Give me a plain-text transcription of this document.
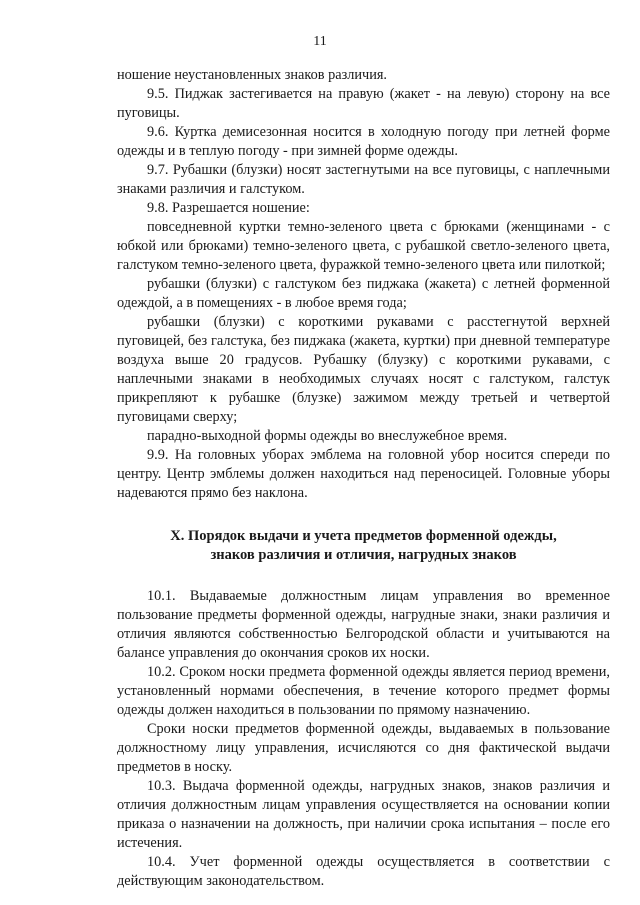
11

ношение неустановленных знаков различия.

9.5. Пиджак застегивается на правую (жакет - на левую) сторону на все пуговицы.

9.6. Куртка демисезонная носится в холодную погоду при летней форме одежды и в теплую погоду - при зимней форме одежды.

9.7. Рубашки (блузки) носят застегнутыми на все пуговицы, с наплечными знаками различия и галстуком.

9.8. Разрешается ношение:

повседневной куртки темно-зеленого цвета с брюками (женщинами - с юбкой или брюками) темно-зеленого цвета, с рубашкой светло-зеленого цвета, галстуком темно-зеленого цвета, фуражкой темно-зеленого цвета или пилоткой;

рубашки (блузки) с галстуком без пиджака (жакета) с летней форменной одеждой, а в помещениях - в любое время года;

рубашки (блузки) с короткими рукавами с расстегнутой верхней пуговицей, без галстука, без пиджака (жакета, куртки) при дневной температуре воздуха выше 20 градусов. Рубашку (блузку) с короткими рукавами, с наплечными знаками в необходимых случаях носят с галстуком, галстук прикрепляют к рубашке (блузке) зажимом между третьей и четвертой пуговицами сверху;

парадно-выходной формы одежды во внеслужебное время.

9.9. На головных уборах эмблема на головной убор носится спереди по центру. Центр эмблемы должен находиться над переносицей. Головные уборы надеваются прямо без наклона.

X. Порядок выдачи и учета предметов форменной одежды,
знаков различия и отличия, нагрудных знаков

10.1. Выдаваемые должностным лицам управления во временное пользование предметы форменной одежды, нагрудные знаки, знаки различия и отличия являются собственностью Белгородской области и учитываются на балансе управления до окончания сроков их носки.

10.2. Сроком носки предмета форменной одежды является период времени, установленный нормами обеспечения, в течение которого предмет формы одежды должен находиться в пользовании по прямому назначению.

Сроки носки предметов форменной одежды, выдаваемых в пользование должностному лицу управления, исчисляются со дня фактической выдачи предметов в носку.

10.3. Выдача форменной одежды, нагрудных знаков, знаков различия и отличия должностным лицам управления осуществляется на основании копии приказа о назначении на должность, при наличии срока испытания – после его истечения.

10.4. Учет форменной одежды осуществляется в соответствии с действующим законодательством.
